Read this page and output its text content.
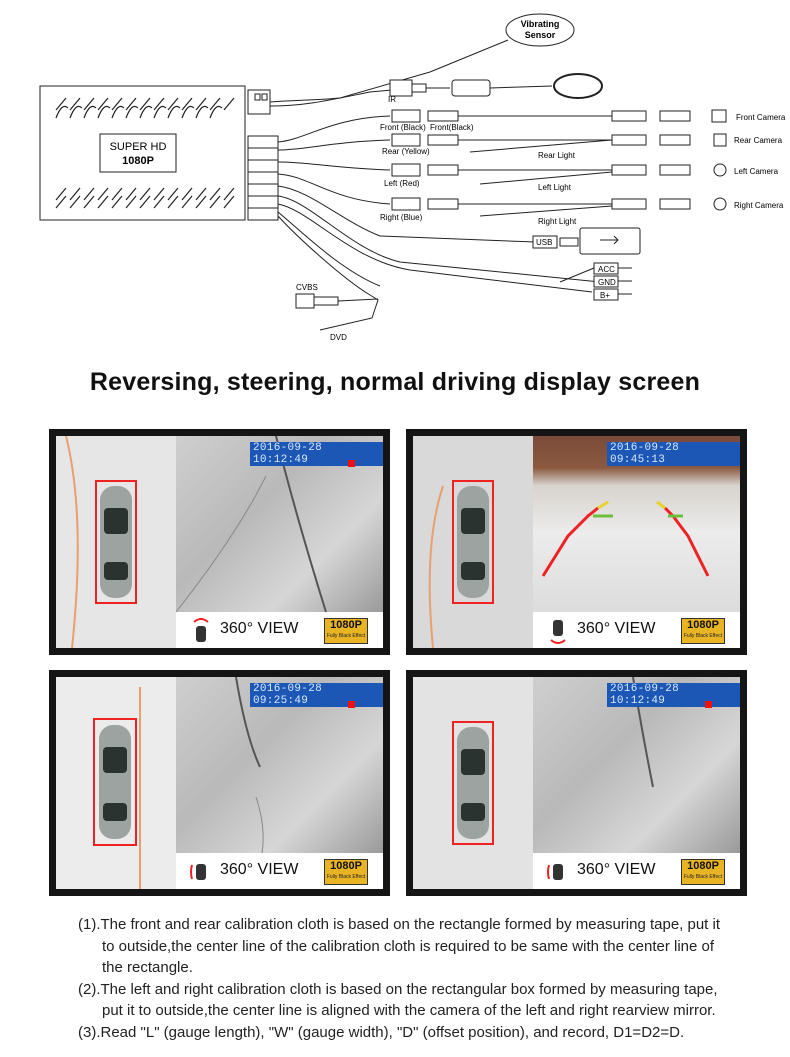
SUPER HD
1080P
Vibrating
Sensor
IR
Front (Black) Front(Black)
Rear (Yellow)
Left (Red)
Right (Blue)
Front Camera
Rear Camera
Left Camera
Right Camera
Rear Light
Left Light
Right Light
USB
ACC
GND
B+
CVBS
DVD
Reversing, steering, normal driving display screen
2016-09-28 10:12:49
360° VIEW	1080P
Fully Black Effect
2016-09-28 09:45:13
360° VIEW	1080P
Fully Black Effect
2016-09-28 09:25:49
360° VIEW	1080P
Fully Black Effect
2016-09-28 10:12:49
360° VIEW	1080P
Fully Black Effect

(1).The front and rear calibration cloth is based on the rectangle formed by measuring tape, put it
to outside,the center line of the calibration cloth is required to be same with the center line of
the rectangle.

(2).The left and right calibration cloth is based on the rectangular box formed by measuring tape,
put it to outside,the center line is aligned with the camera of the left and right rearview mirror.

(3).Read "L" (gauge length), "W" (gauge width), "D" (offset position), and record, D1=D2=D.
